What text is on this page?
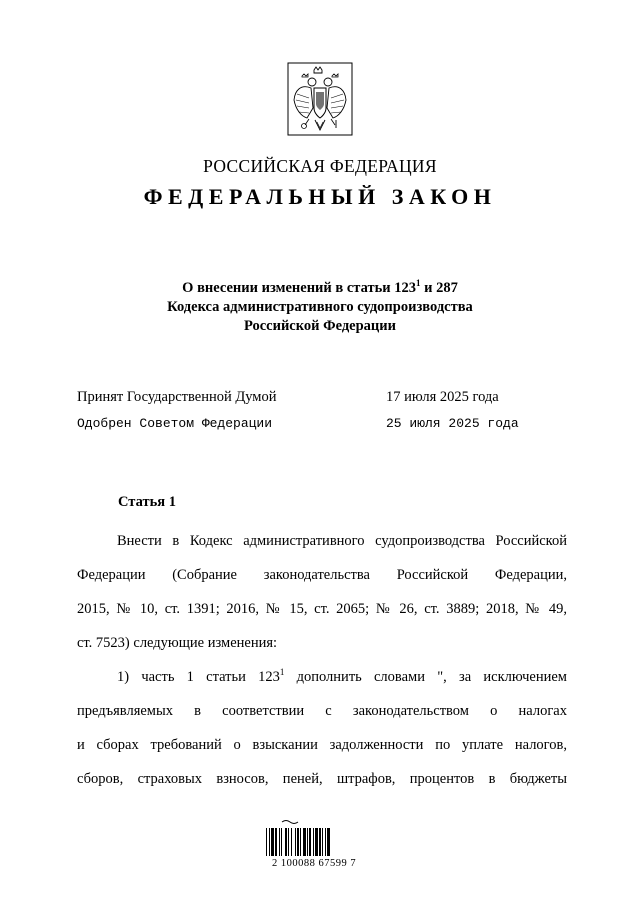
РОССИЙСКАЯ ФЕДЕРАЦИЯ
ФЕДЕРАЛЬНЫЙ ЗАКОН
О внесении изменений в статьи $123^1$ и 287
Кодекса административного судопроизводства
Российской Федерации
Принят Государственной Думой	17 июля 2025 года
Одобрен Советом Федерации	25 июля 2025 года
Статья 1

Внести в Кодекс административного судопроизводства Российской

Федерации (Собрание законодательства Российской Федерации,

2015, № 10, ст. 1391; 2016, № 15, ст. 2065; № 26, ст. 3889; 2018, № 49,

ст. 7523) следующие изменения:

1) часть 1 статьи $123^1$ дополнить словами ", за исключением

предъявляемых в соответствии с законодательством о налогах

и сборах требований о взыскании задолженности по уплате налогов,

сборов, страховых взносов, пеней, штрафов, процентов в бюджеты

2 100088 67599 7
